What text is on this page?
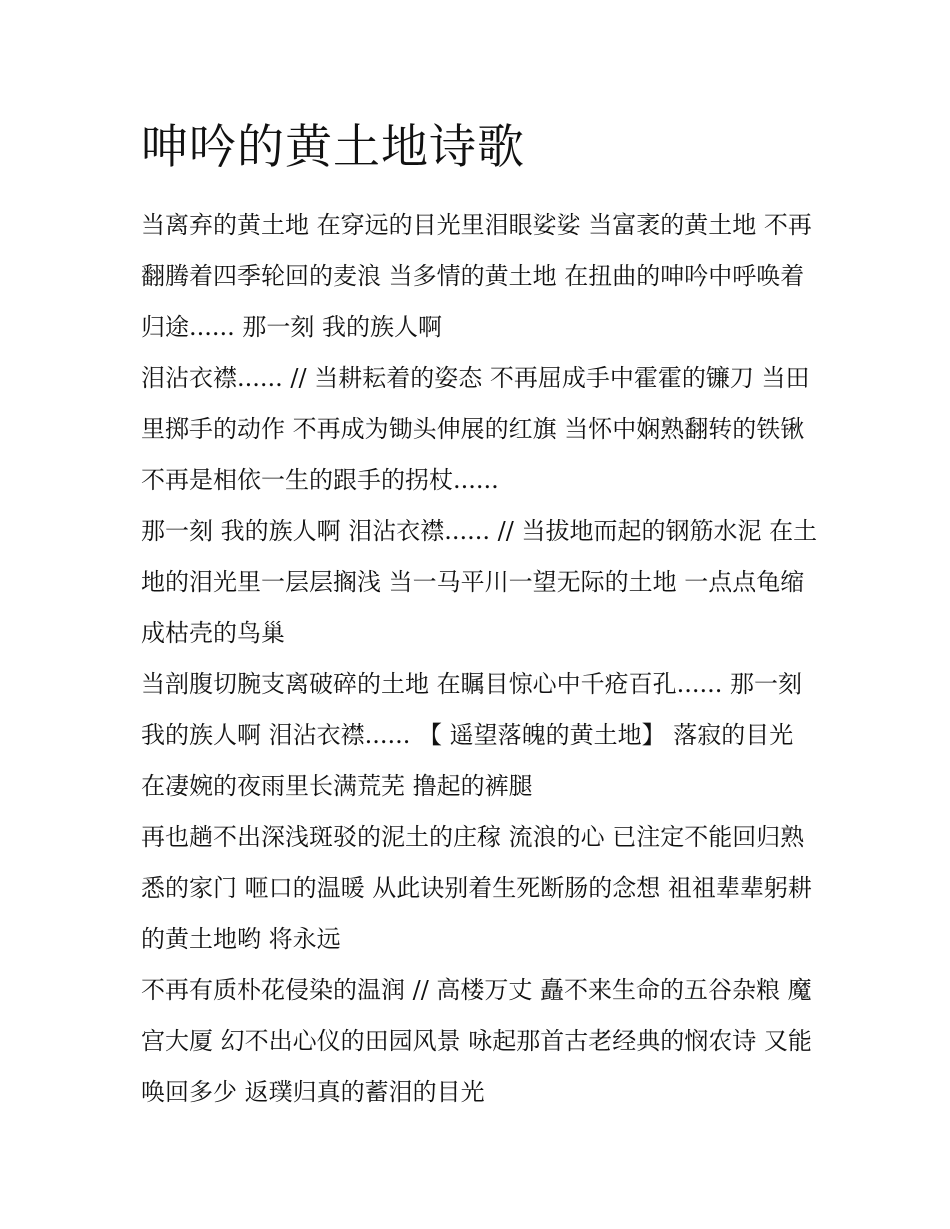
呻吟的黄土地诗歌

当离弃的黄土地 在穿远的目光里泪眼娑娑 当富袤的黄土地 不再翻腾着四季轮回的麦浪 当多情的黄土地 在扭曲的呻吟中呼唤着归途...... 那一刻 我的族人啊

泪沾衣襟...... // 当耕耘着的姿态 不再屈成手中霍霍的镰刀 当田里掷手的动作 不再成为锄头伸展的红旗 当怀中娴熟翻转的铁锹 不再是相依一生的跟手的拐杖......

那一刻 我的族人啊 泪沾衣襟...... // 当拔地而起的钢筋水泥 在土地的泪光里一层层搁浅 当一马平川一望无际的土地 一点点龟缩成枯壳的鸟巢

当剖腹切腕支离破碎的土地 在瞩目惊心中千疮百孔...... 那一刻 我的族人啊 泪沾衣襟...... 【 遥望落魄的黄土地】 落寂的目光 在凄婉的夜雨里长满荒芜 撸起的裤腿

再也趟不出深浅斑驳的泥土的庄稼 流浪的心 已注定不能回归熟悉的家门 咂口的温暖 从此诀别着生死断肠的念想 祖祖辈辈躬耕的黄土地哟 将永远

不再有质朴花侵染的温润 // 高楼万丈 矗不来生命的五谷杂粮 魔宫大厦 幻不出心仪的田园风景 咏起那首古老经典的悯农诗 又能唤回多少 返璞归真的蓄泪的目光
